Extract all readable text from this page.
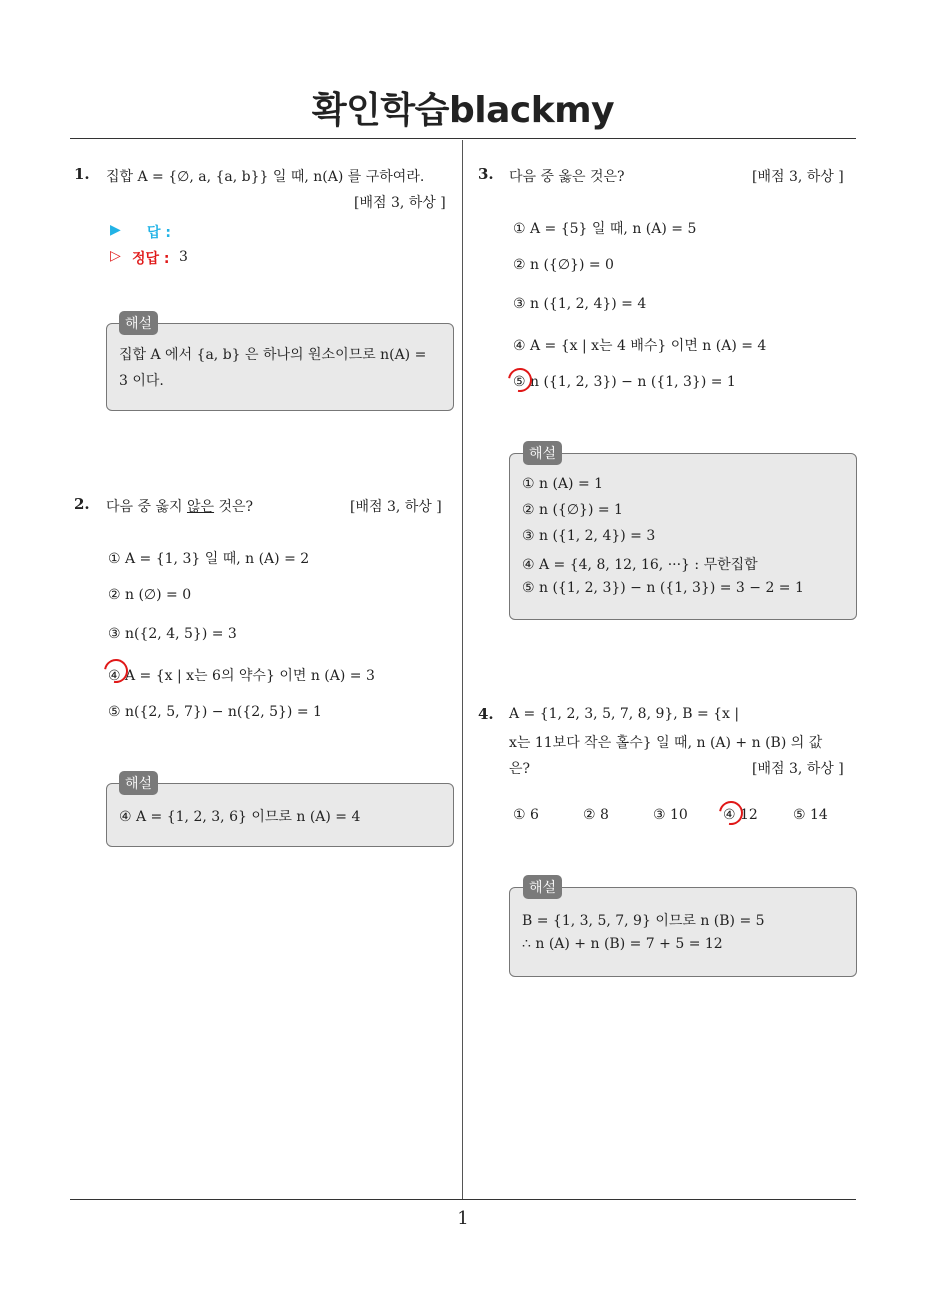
확인학습blackmy
1. 집합 A = {∅, a, {a, b}} 일 때, n(A) 를 구하여라.
[배점 3, 하상 ]
▶ 답 :
▷ 정답 : 3
집합 A 에서 {a, b} 은 하나의 원소이므로 n(A) =
3 이다.
해설
2. 다음 중 옳지 않은 것은?	[배점 3, 하상 ]
① A = {1, 3} 일 때, n (A) = 2
② n (∅) = 0
③ n({2, 4, 5}) = 3
④ A = {x | x는 6의 약수} 이면 n (A) = 3
⑤ n({2, 5, 7}) − n({2, 5}) = 1
④ A = {1, 2, 3, 6} 이므로 n (A) = 4
해설
3. 다음 중 옳은 것은?	[배점 3, 하상 ]
① A = {5} 일 때, n (A) = 5
② n ({∅}) = 0
③ n ({1, 2, 4}) = 4
④ A = {x | x는 4 배수} 이면 n (A) = 4
⑤ n ({1, 2, 3}) − n ({1, 3}) = 1
① n (A) = 1
② n ({∅}) = 1
③ n ({1, 2, 4}) = 3
④ A = {4, 8, 12, 16, ···} : 무한집합
⑤ n ({1, 2, 3}) − n ({1, 3}) = 3 − 2 = 1
해설
4. A = {1, 2, 3, 5, 7, 8, 9}, B = {x |
x는 11보다 작은 홀수} 일 때, n (A) + n (B) 의 값
은?	[배점 3, 하상 ]
① 6	② 8	③ 10	④ 12	⑤ 14
B = {1, 3, 5, 7, 9} 이므로 n (B) = 5
∴ n (A) + n (B) = 7 + 5 = 12
해설
1
